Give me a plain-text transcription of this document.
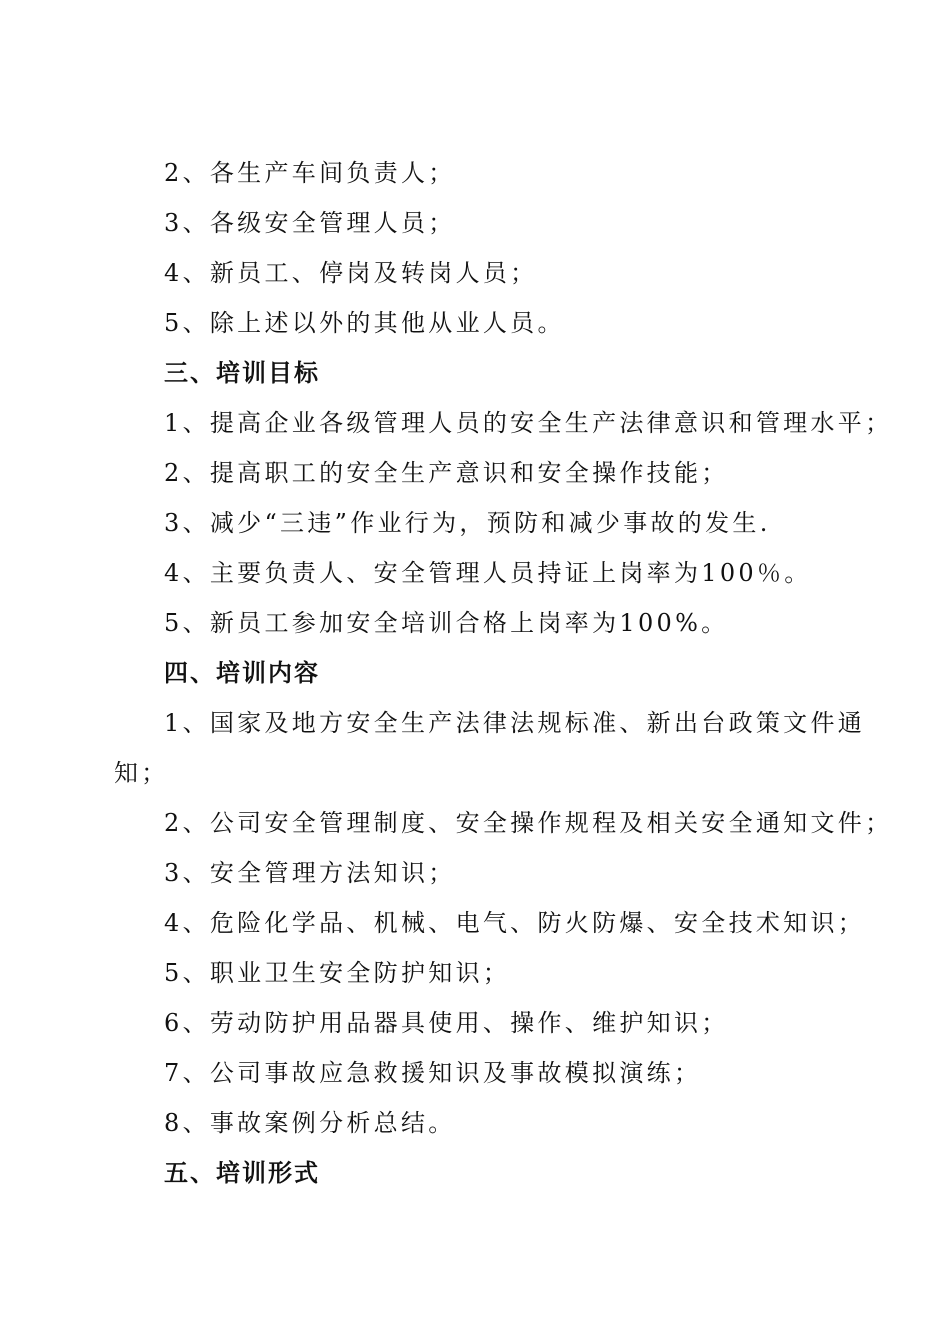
2、各生产车间负责人；
3、各级安全管理人员；
4、新员工、停岗及转岗人员；
5、除上述以外的其他从业人员。
三、培训目标
1、提高企业各级管理人员的安全生产法律意识和管理水平；
2、提高职工的安全生产意识和安全操作技能；
3、减少“三违”作业行为，预防和减少事故的发生.
4、主要负责人、安全管理人员持证上岗率为100％。
5、新员工参加安全培训合格上岗率为100%。
四、培训内容
1、国家及地方安全生产法律法规标准、新出台政策文件通
知；
2、公司安全管理制度、安全操作规程及相关安全通知文件；
3、安全管理方法知识；
4、危险化学品、机械、电气、防火防爆、安全技术知识；
5、职业卫生安全防护知识；
6、劳动防护用品器具使用、操作、维护知识；
7、公司事故应急救援知识及事故模拟演练；
8、事故案例分析总结。
五、培训形式
